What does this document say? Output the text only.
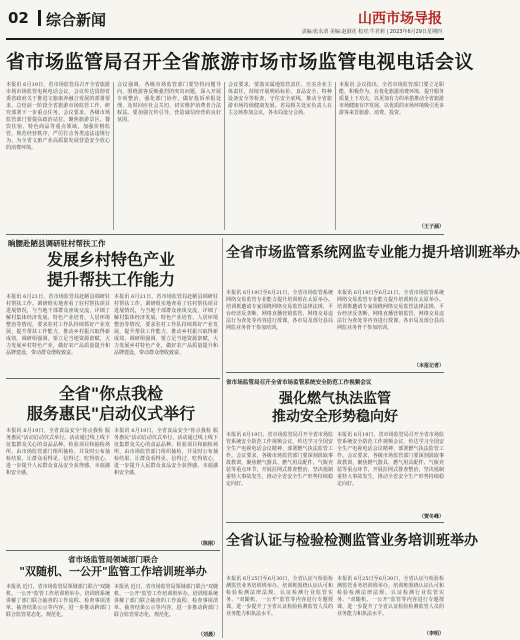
02 综合新闻	山西市场导报
责编:张永清 美编:赵淑花 校对:牛君莉 | 2023年6月29日星期四
省市场监管局召开全省旅游市场市场监管电视电话会议
本报讯 6月19日，省市场监管局召开全省旅游市场市场监管电视电话会议。会议传达贯彻省委省政府关于推进文旅康养融合发展的部署要求，总结前一阶段全省旅游市场监管工作，研究部署下一步重点任务。会议要求，各级市场监管部门要提高政治站位，聚焦旅游景区、餐饮住宿、特色商品等重点领域，加强价格监管，规范经营秩序，严厉打击各类违法违规行为，为全省文旅产业高质量发展营造安全放心的消费环境。
会议强调，各级市场监管部门要坚持问题导向，围绕游客反映强烈的突出问题，深入开展专项整治，强化部门协作，做好投诉举报处理，及时回应社会关切，切实维护消费者合法权益。要加强宣传引导，营造诚信经营的良好氛围。
会议要求，要落实属地监管责任，压实企业主体责任，持续开展明码标价、食品安全、特种设备安全等检查，守住安全底线，推动全省旅游市场持续健康发展。省局相关处室负责人在主会场参加会议，各市局设分会场。
本报讯 会议指出，全省市场监管部门要立足职能，积极作为，在优化旅游消费环境、提升服务质量上下功夫，以更加有力的举措推动全省旅游市场健康有序发展，以优质的市场环境吸引更多游客来晋旅游、消费、投资。
（王子涵）
晌腰赴陋县调研驻村帮扶工作
发展乡村特色产业
提升帮扶工作能力
本报讯 6月21日，省市场监管局赴陋县调研驻村帮扶工作。调研组实地查看了驻村帮扶项目进展情况，与当地干部群众座谈交流，详细了解村集体经济发展、特色产业培育、人居环境整治等情况，要求驻村工作队持续抓好产业发展，提升帮扶工作能力，推动乡村振兴取得新成效。调研组强调，要立足当地资源禀赋，大力发展乡村特色产业，做好农产品质量提升和品牌建设，带动群众增收致富。
本报讯 6月21日，省市场监管局赴陋县调研驻村帮扶工作。调研组实地查看了驻村帮扶项目进展情况，与当地干部群众座谈交流，详细了解村集体经济发展、特色产业培育、人居环境整治等情况，要求驻村工作队持续抓好产业发展，提升帮扶工作能力，推动乡村振兴取得新成效。调研组强调，要立足当地资源禀赋，大力发展乡村特色产业，做好农产品质量提升和品牌建设，带动群众增收致富。
全省市场监管系统网监专业能力提升培训班举办
本报讯 6月19日至6月21日，全省市场监管系统网络交易监管专业能力提升培训班在太原举办。培训班邀请专家围绕网络交易监管法律法规、平台经济反垄断、网络直播营销监管、网络交易违法行为查处等内容进行授课，各市局及部分县局网监业务骨干参加培训。
本报讯 6月19日至6月21日，全省市场监管系统网络交易监管专业能力提升培训班在太原举办。培训班邀请专家围绕网络交易监管法律法规、平台经济反垄断、网络直播营销监管、网络交易违法行为查处等内容进行授课，各市局及部分县局网监业务骨干参加培训。
（本报记者）
全省"你点我检
服务惠民"启动仪式举行
本报讯 6月19日，全省食品安全"你点我检 服务惠民"活动启动仪式举行。活动通过线上线下征集群众关心的食品品种、检验项目和抽检场所，由市场监管部门组织抽检，并及时公布抽检结果，让群众看得见、信得过、吃得放心，进一步提升人民群众食品安全获得感、幸福感和安全感。
本报讯 6月19日，全省食品安全"你点我检 服务惠民"活动启动仪式举行。活动通过线上线下征集群众关心的食品品种、检验项目和抽检场所，由市场监管部门组织抽检，并及时公布抽检结果，让群众看得见、信得过、吃得放心，进一步提升人民群众食品安全获得感、幸福感和安全感。
（陈刚）
省市场监管局召开全省市场监管系统安全防范工作视频会议
强化燃气执法监管
推动安全形势稳向好
本报讯 6月19日，省市场监管局召开全省市场监管系统安全防范工作视频会议，传达学习全国安全生产电视电话会议精神，部署燃气执法监管工作。会议要求，各级市场监管部门要深刻汲取事故教训，聚焦燃气器具、燃气用具配件、气瓶充装等重点环节，开展拉网式排查整治，坚决遏制重特大事故发生，推动全省安全生产形势持续稳定向好。
本报讯 6月19日，省市场监管局召开全省市场监管系统安全防范工作视频会议，传达学习全国安全生产电视电话会议精神，部署燃气执法监管工作。会议要求，各级市场监管部门要深刻汲取事故教训，聚焦燃气器具、燃气用具配件、气瓶充装等重点环节，开展拉网式排查整治，坚决遏制重特大事故发生，推动全省安全生产形势持续稳定向好。
（贾冬峰）
全省认证与检验检测监管业务培训班举办
本报讯 6月25日至6月30日，全省认证与检验检测监管业务培训班举办。培训班围绕认证认可和检验检测法律法规、认证检测行业监管实务、"双随机、一公开"监管等内容进行专题授课，进一步提升了全省认证检验检测监管人员的业务能力和执法水平。
本报讯 6月25日至6月30日，全省认证与检验检测监管业务培训班举办。培训班围绕认证认可和检验检测法律法规、认证检测行业监管实务、"双随机、一公开"监管等内容进行专题授课，进一步提升了全省认证检验检测监管人员的业务能力和执法水平。
（李明）
省市场监管局领域部门联合
"双随机、一公开"监管工作培训班举办
本报讯 近日，省市场监管局领域部门联合"双随机、一公开"监管工作培训班举办。培训班系统讲解了部门联合抽查的工作流程、检查事项清单、抽查结果公示等内容，进一步推动跨部门联合监管常态化、规范化。
本报讯 近日，省市场监管局领域部门联合"双随机、一公开"监管工作培训班举办。培训班系统讲解了部门联合抽查的工作流程、检查事项清单、抽查结果公示等内容，进一步推动跨部门联合监管常态化、规范化。
（刘晨）
